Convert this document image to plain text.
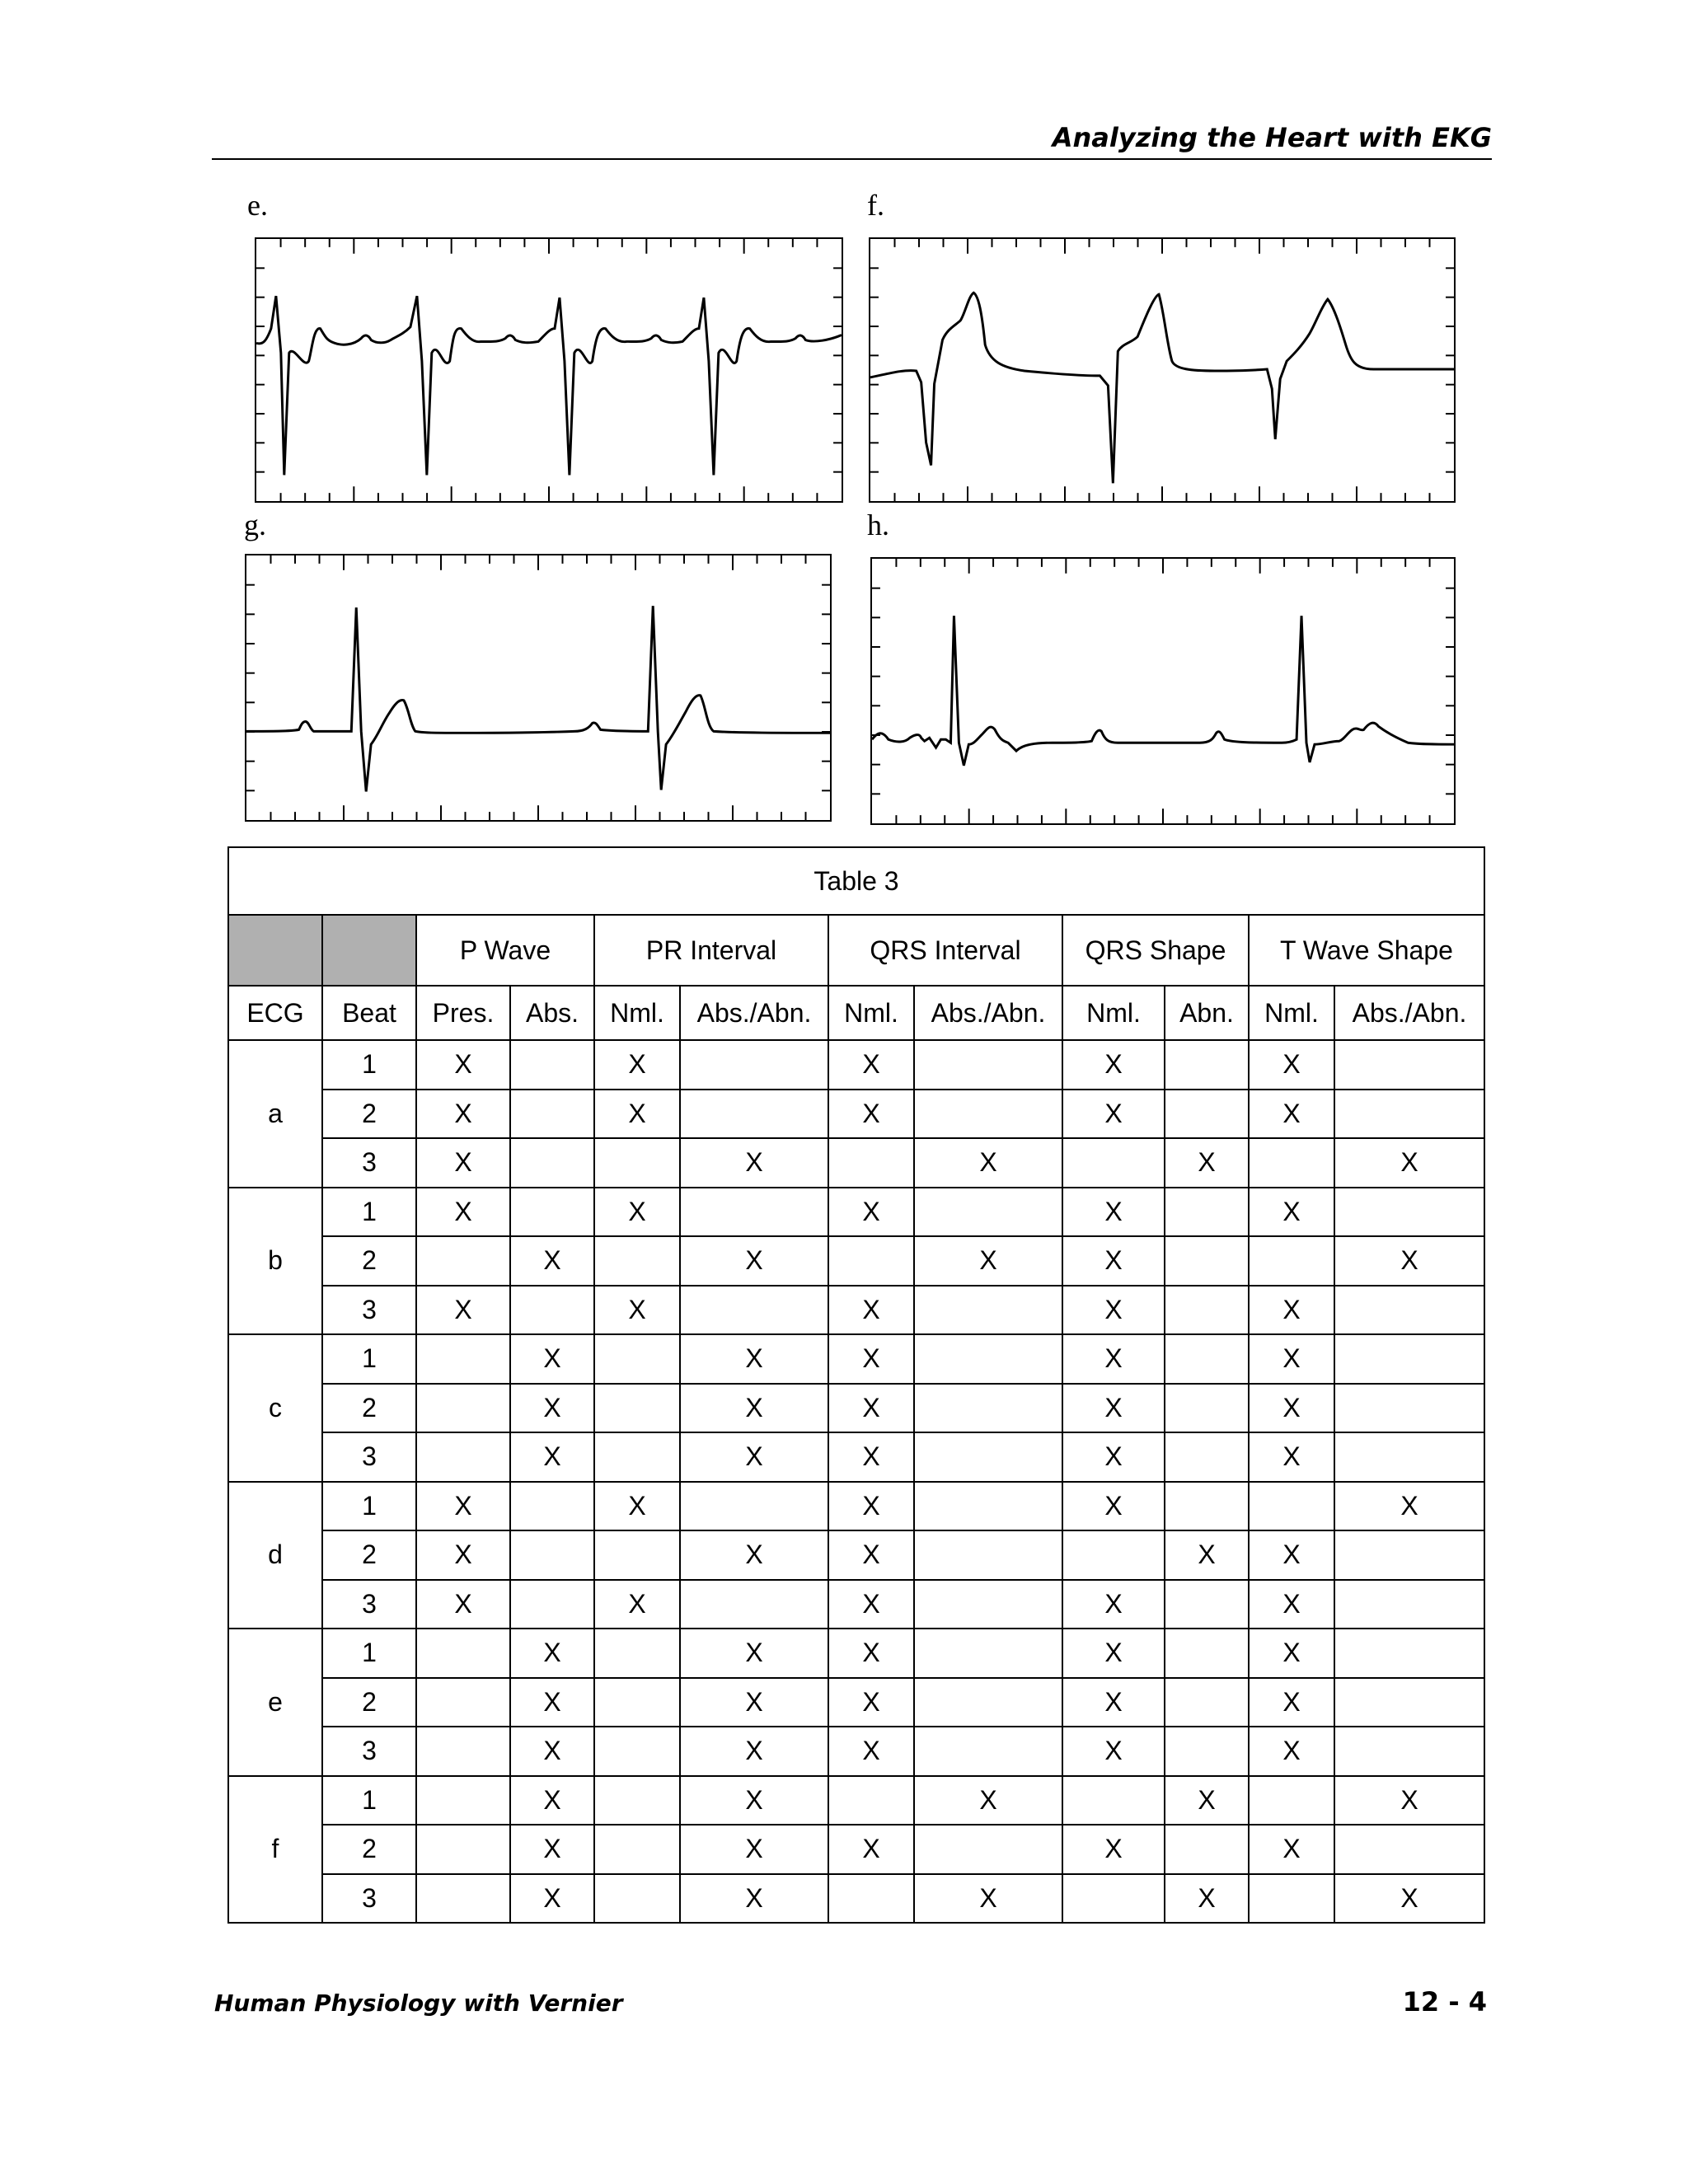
Analyzing the Heart with EKG
e.	f.
g.	h.
Table 3											
		P Wave		PR Interval		QRS Interval		QRS Shape		T Wave Shape	
ECG	Beat	Pres.	Abs.	Nml.	Abs./Abn.	Nml.	Abs./Abn.	Nml.	Abn.	Nml.	Abs./Abn.
a	1	X		X		X		X		X	
	2	X		X		X		X		X	
	3	X			X		X		X		X
b	1	X		X		X		X		X	
	2		X		X		X	X			X
	3	X		X		X		X		X	
c	1		X		X	X		X		X	
	2		X		X	X		X		X	
	3		X		X	X		X		X	
d	1	X		X		X		X			X
	2	X			X	X			X	X	
	3	X		X		X		X		X	
e	1		X		X	X		X		X	
	2		X		X	X		X		X	
	3		X		X	X		X		X	
f	1		X		X		X		X		X
	2		X		X	X		X		X	
	3		X		X		X		X		X
Human Physiology with Vernier	12 - 4
